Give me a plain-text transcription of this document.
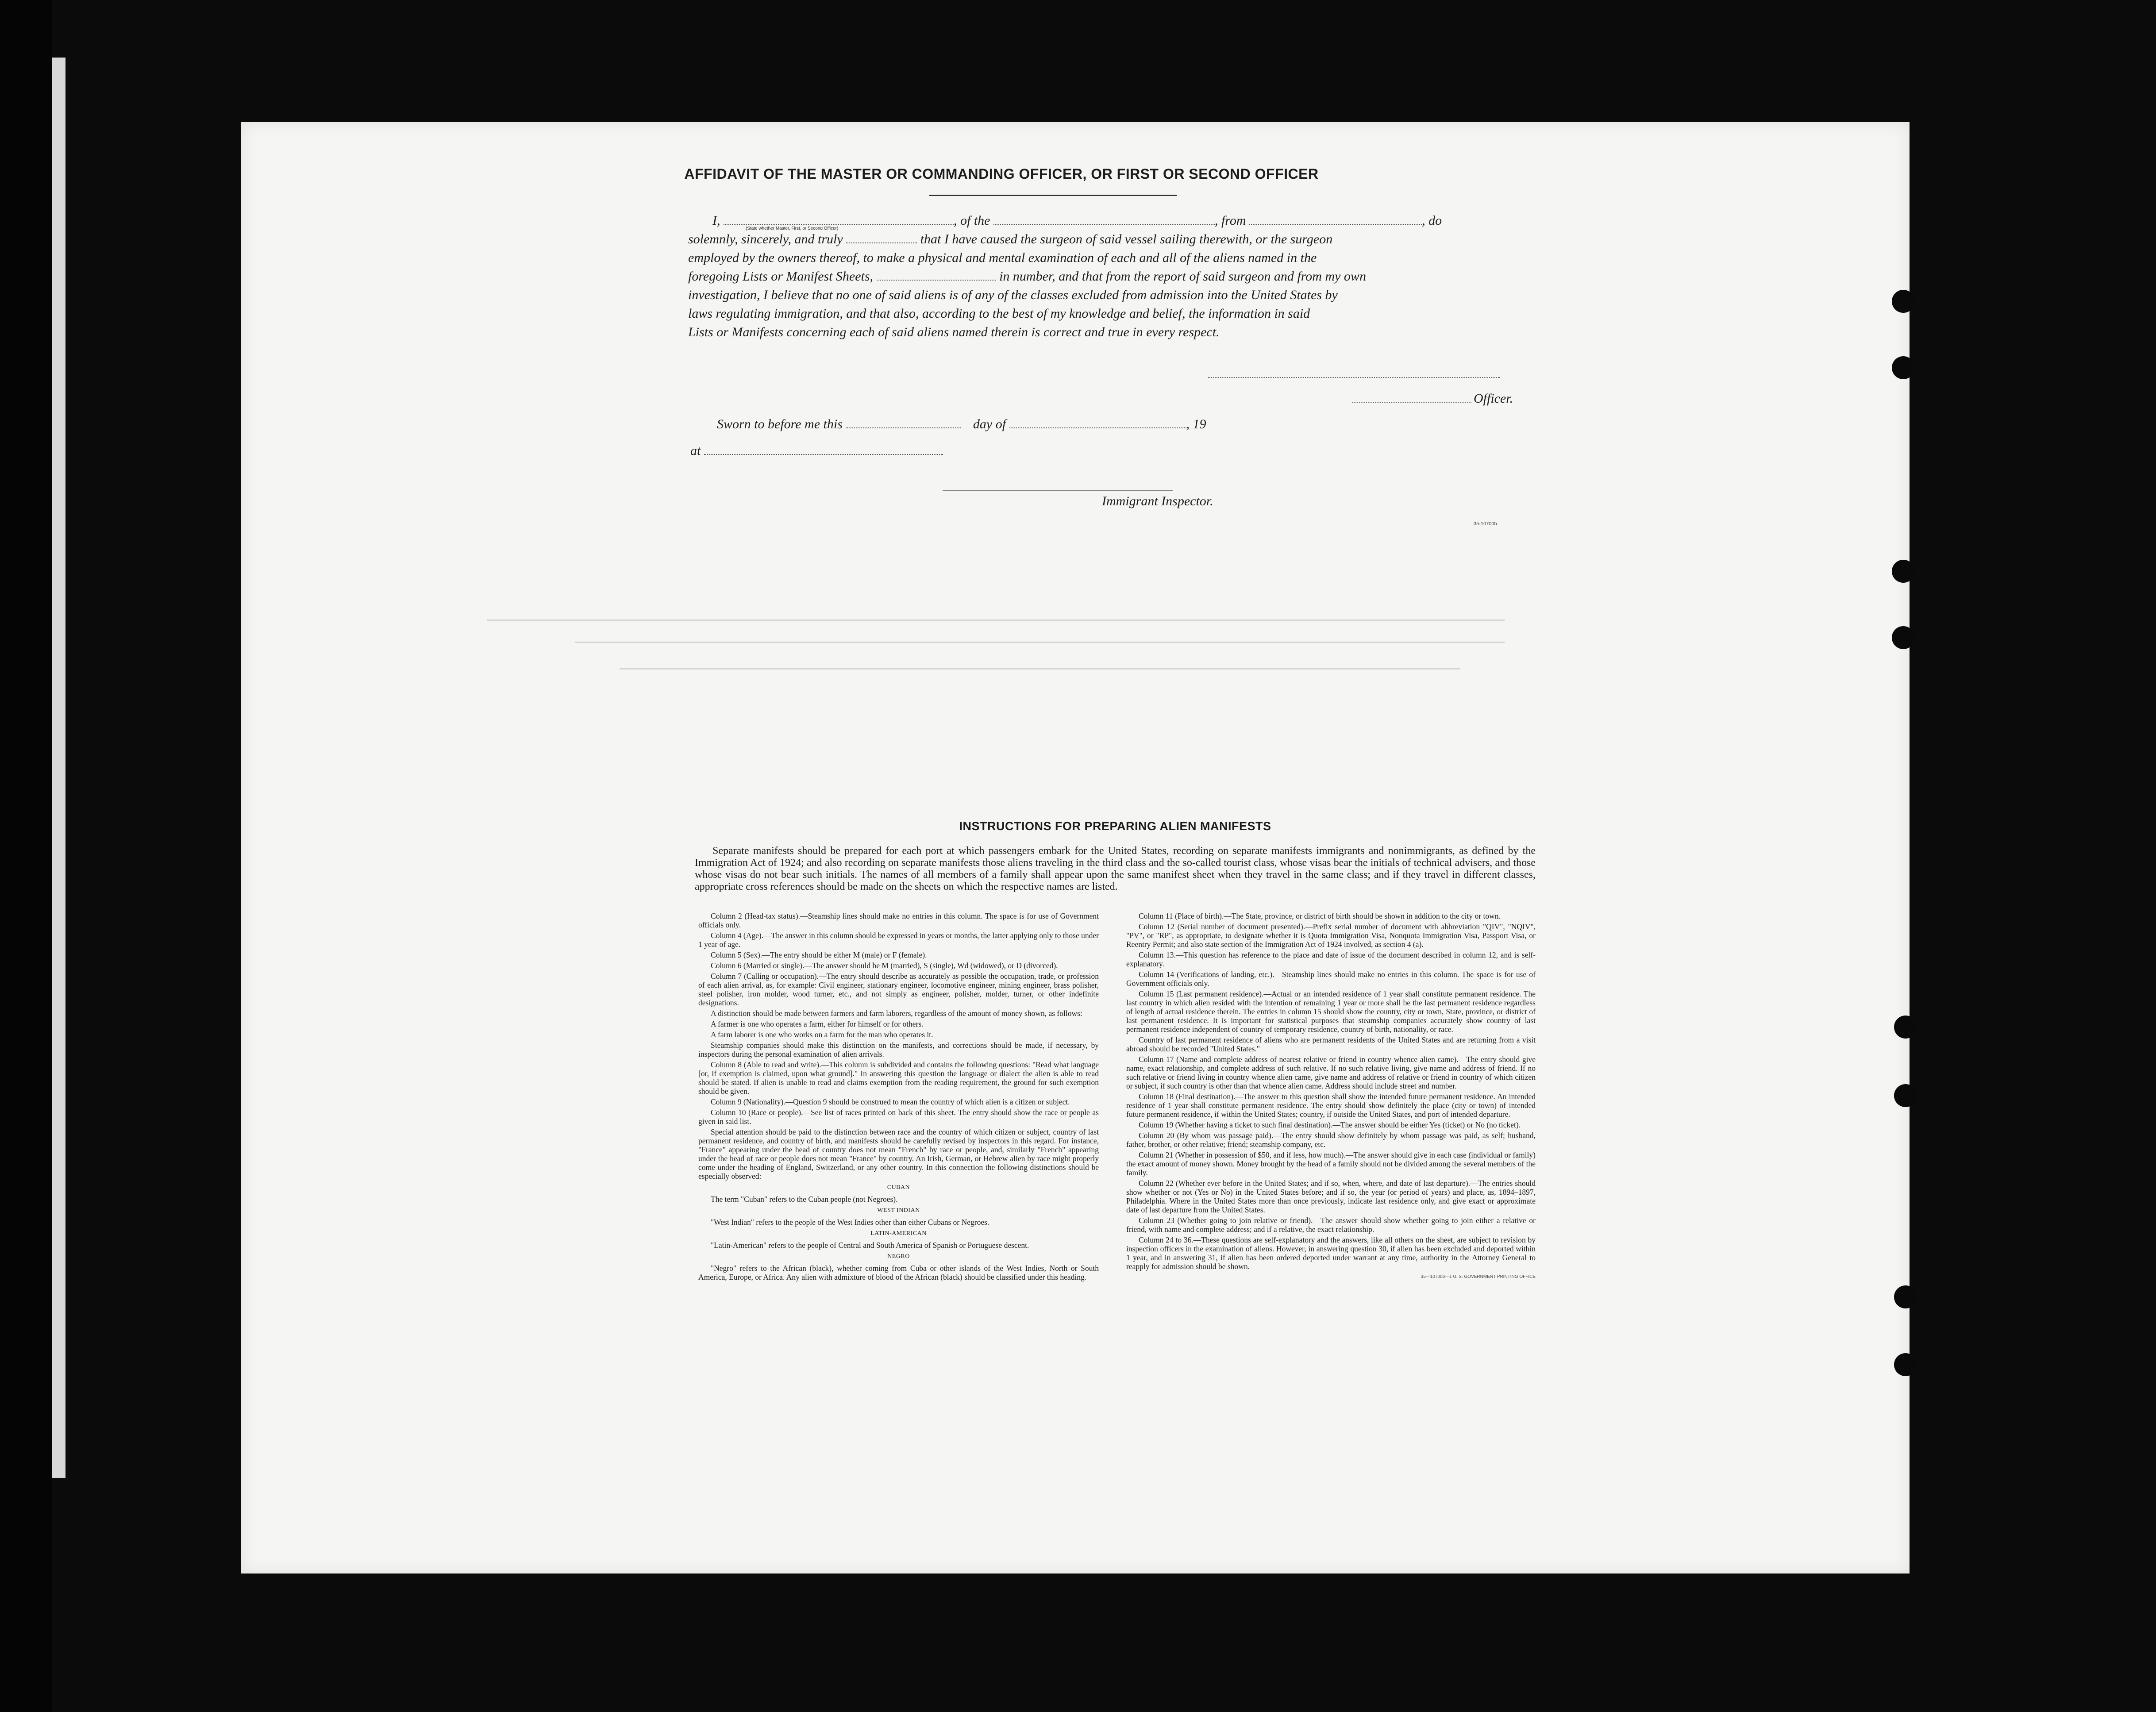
AFFIDAVIT OF THE MASTER OR COMMANDING OFFICER, OR FIRST OR SECOND OFFICER
I,
(State whether Master, First, or Second Officer)
, of the	, from	, do
solemnly, sincerely, and truly	that I have caused the surgeon of said vessel sailing therewith, or the surgeon
employed by the owners thereof, to make a physical and mental examination of each and all of the aliens named in the
foregoing Lists or Manifest Sheets,	in number, and that from the report of said surgeon and from my own
investigation, I believe that no one of said aliens is of any of the classes excluded from admission into the United States by
laws regulating immigration, and that also, according to the best of my knowledge and belief, the information in said
Lists or Manifests concerning each of said aliens named therein is correct and true in every respect.
Officer.
Sworn to before me this	day of	, 19
at
Immigrant Inspector.
35-10700b
INSTRUCTIONS FOR PREPARING ALIEN MANIFESTS
Separate manifests should be prepared for each port at which passengers embark for the United States, recording on separate manifests immigrants and nonimmigrants, as defined by the Immigration Act of 1924; and also recording on separate manifests those aliens traveling in the third class and the so-called tourist class, whose visas bear the initials of technical advisers, and those whose visas do not bear such initials. The names of all members of a family shall appear upon the same manifest sheet when they travel in the same class; and if they travel in different classes, appropriate cross references should be made on the sheets on which the respective names are listed.

Column 2 (Head-tax status).—Steamship lines should make no entries in this column. The space is for use of Government officials only.

Column 4 (Age).—The answer in this column should be expressed in years or months, the latter applying only to those under 1 year of age.

Column 5 (Sex).—The entry should be either M (male) or F (female).

Column 6 (Married or single).—The answer should be M (married), S (single), Wd (widowed), or D (divorced).

Column 7 (Calling or occupation).—The entry should describe as accurately as possible the occupation, trade, or profession of each alien arrival, as, for example: Civil engineer, stationary engineer, locomotive engineer, mining engineer, brass polisher, steel polisher, iron molder, wood turner, etc., and not simply as engineer, polisher, molder, turner, or other indefinite designations.

A distinction should be made between farmers and farm laborers, regardless of the amount of money shown, as follows:

A farmer is one who operates a farm, either for himself or for others.

A farm laborer is one who works on a farm for the man who operates it.

Steamship companies should make this distinction on the manifests, and corrections should be made, if necessary, by inspectors during the personal examination of alien arrivals.

Column 8 (Able to read and write).—This column is subdivided and contains the following questions: "Read what language [or, if exemption is claimed, upon what ground]." In answering this question the language or dialect the alien is able to read should be stated. If alien is unable to read and claims exemption from the reading requirement, the ground for such exemption should be given.

Column 9 (Nationality).—Question 9 should be construed to mean the country of which alien is a citizen or subject.

Column 10 (Race or people).—See list of races printed on back of this sheet. The entry should show the race or people as given in said list.

Special attention should be paid to the distinction between race and the country of which citizen or subject, country of last permanent residence, and country of birth, and manifests should be carefully revised by inspectors in this regard. For instance, "France" appearing under the head of country does not mean "French" by race or people, and, similarly "French" appearing under the head of race or people does not mean "France" by country. An Irish, German, or Hebrew alien by race might properly come under the heading of England, Switzerland, or any other country. In this connection the following distinctions should be especially observed:

CUBAN

The term "Cuban" refers to the Cuban people (not Negroes).

WEST INDIAN

"West Indian" refers to the people of the West Indies other than either Cubans or Negroes.

LATIN-AMERICAN

"Latin-American" refers to the people of Central and South America of Spanish or Portuguese descent.

NEGRO

"Negro" refers to the African (black), whether coming from Cuba or other islands of the West Indies, North or South America, Europe, or Africa. Any alien with admixture of blood of the African (black) should be classified under this heading.

Column 11 (Place of birth).—The State, province, or district of birth should be shown in addition to the city or town.

Column 12 (Serial number of document presented).—Prefix serial number of document with abbreviation "QIV", "NQIV", "PV", or "RP", as appropriate, to designate whether it is Quota Immigration Visa, Nonquota Immigration Visa, Passport Visa, or Reentry Permit; and also state section of the Immigration Act of 1924 involved, as section 4 (a).

Column 13.—This question has reference to the place and date of issue of the document described in column 12, and is self-explanatory.

Column 14 (Verifications of landing, etc.).—Steamship lines should make no entries in this column. The space is for use of Government officials only.

Column 15 (Last permanent residence).—Actual or an intended residence of 1 year shall constitute permanent residence. The last country in which alien resided with the intention of remaining 1 year or more shall be the last permanent residence regardless of length of actual residence therein. The entries in column 15 should show the country, city or town, State, province, or district of last permanent residence. It is important for statistical purposes that steamship companies accurately show country of last permanent residence independent of country of temporary residence, country of birth, nationality, or race.

Country of last permanent residence of aliens who are permanent residents of the United States and are returning from a visit abroad should be recorded "United States."

Column 17 (Name and complete address of nearest relative or friend in country whence alien came).—The entry should give name, exact relationship, and complete address of such relative. If no such relative living, give name and address of friend. If no such relative or friend living in country whence alien came, give name and address of relative or friend in country of which citizen or subject, if such country is other than that whence alien came. Address should include street and number.

Column 18 (Final destination).—The answer to this question shall show the intended future permanent residence. An intended residence of 1 year shall constitute permanent residence. The entry should show definitely the place (city or town) of intended future permanent residence, if within the United States; country, if outside the United States, and port of intended departure.

Column 19 (Whether having a ticket to such final destination).—The answer should be either Yes (ticket) or No (no ticket).

Column 20 (By whom was passage paid).—The entry should show definitely by whom passage was paid, as self; husband, father, brother, or other relative; friend; steamship company, etc.

Column 21 (Whether in possession of $50, and if less, how much).—The answer should give in each case (individual or family) the exact amount of money shown. Money brought by the head of a family should not be divided among the several members of the family.

Column 22 (Whether ever before in the United States; and if so, when, where, and date of last departure).—The entries should show whether or not (Yes or No) in the United States before; and if so, the year (or period of years) and place, as, 1894–1897, Philadelphia. Where in the United States more than once previously, indicate last residence only, and give exact or approximate date of last departure from the United States.

Column 23 (Whether going to join relative or friend).—The answer should show whether going to join either a relative or friend, with name and complete address; and if a relative, the exact relationship.

Column 24 to 36.—These questions are self-explanatory and the answers, like all others on the sheet, are subject to revision by inspection officers in the examination of aliens. However, in answering question 30, if alien has been excluded and deported within 1 year, and in answering 31, if alien has been ordered deported under warrant at any time, authority in the Attorney General to reapply for admission should be shown.

35—10700b—1 U. S. GOVERNMENT PRINTING OFFICE
